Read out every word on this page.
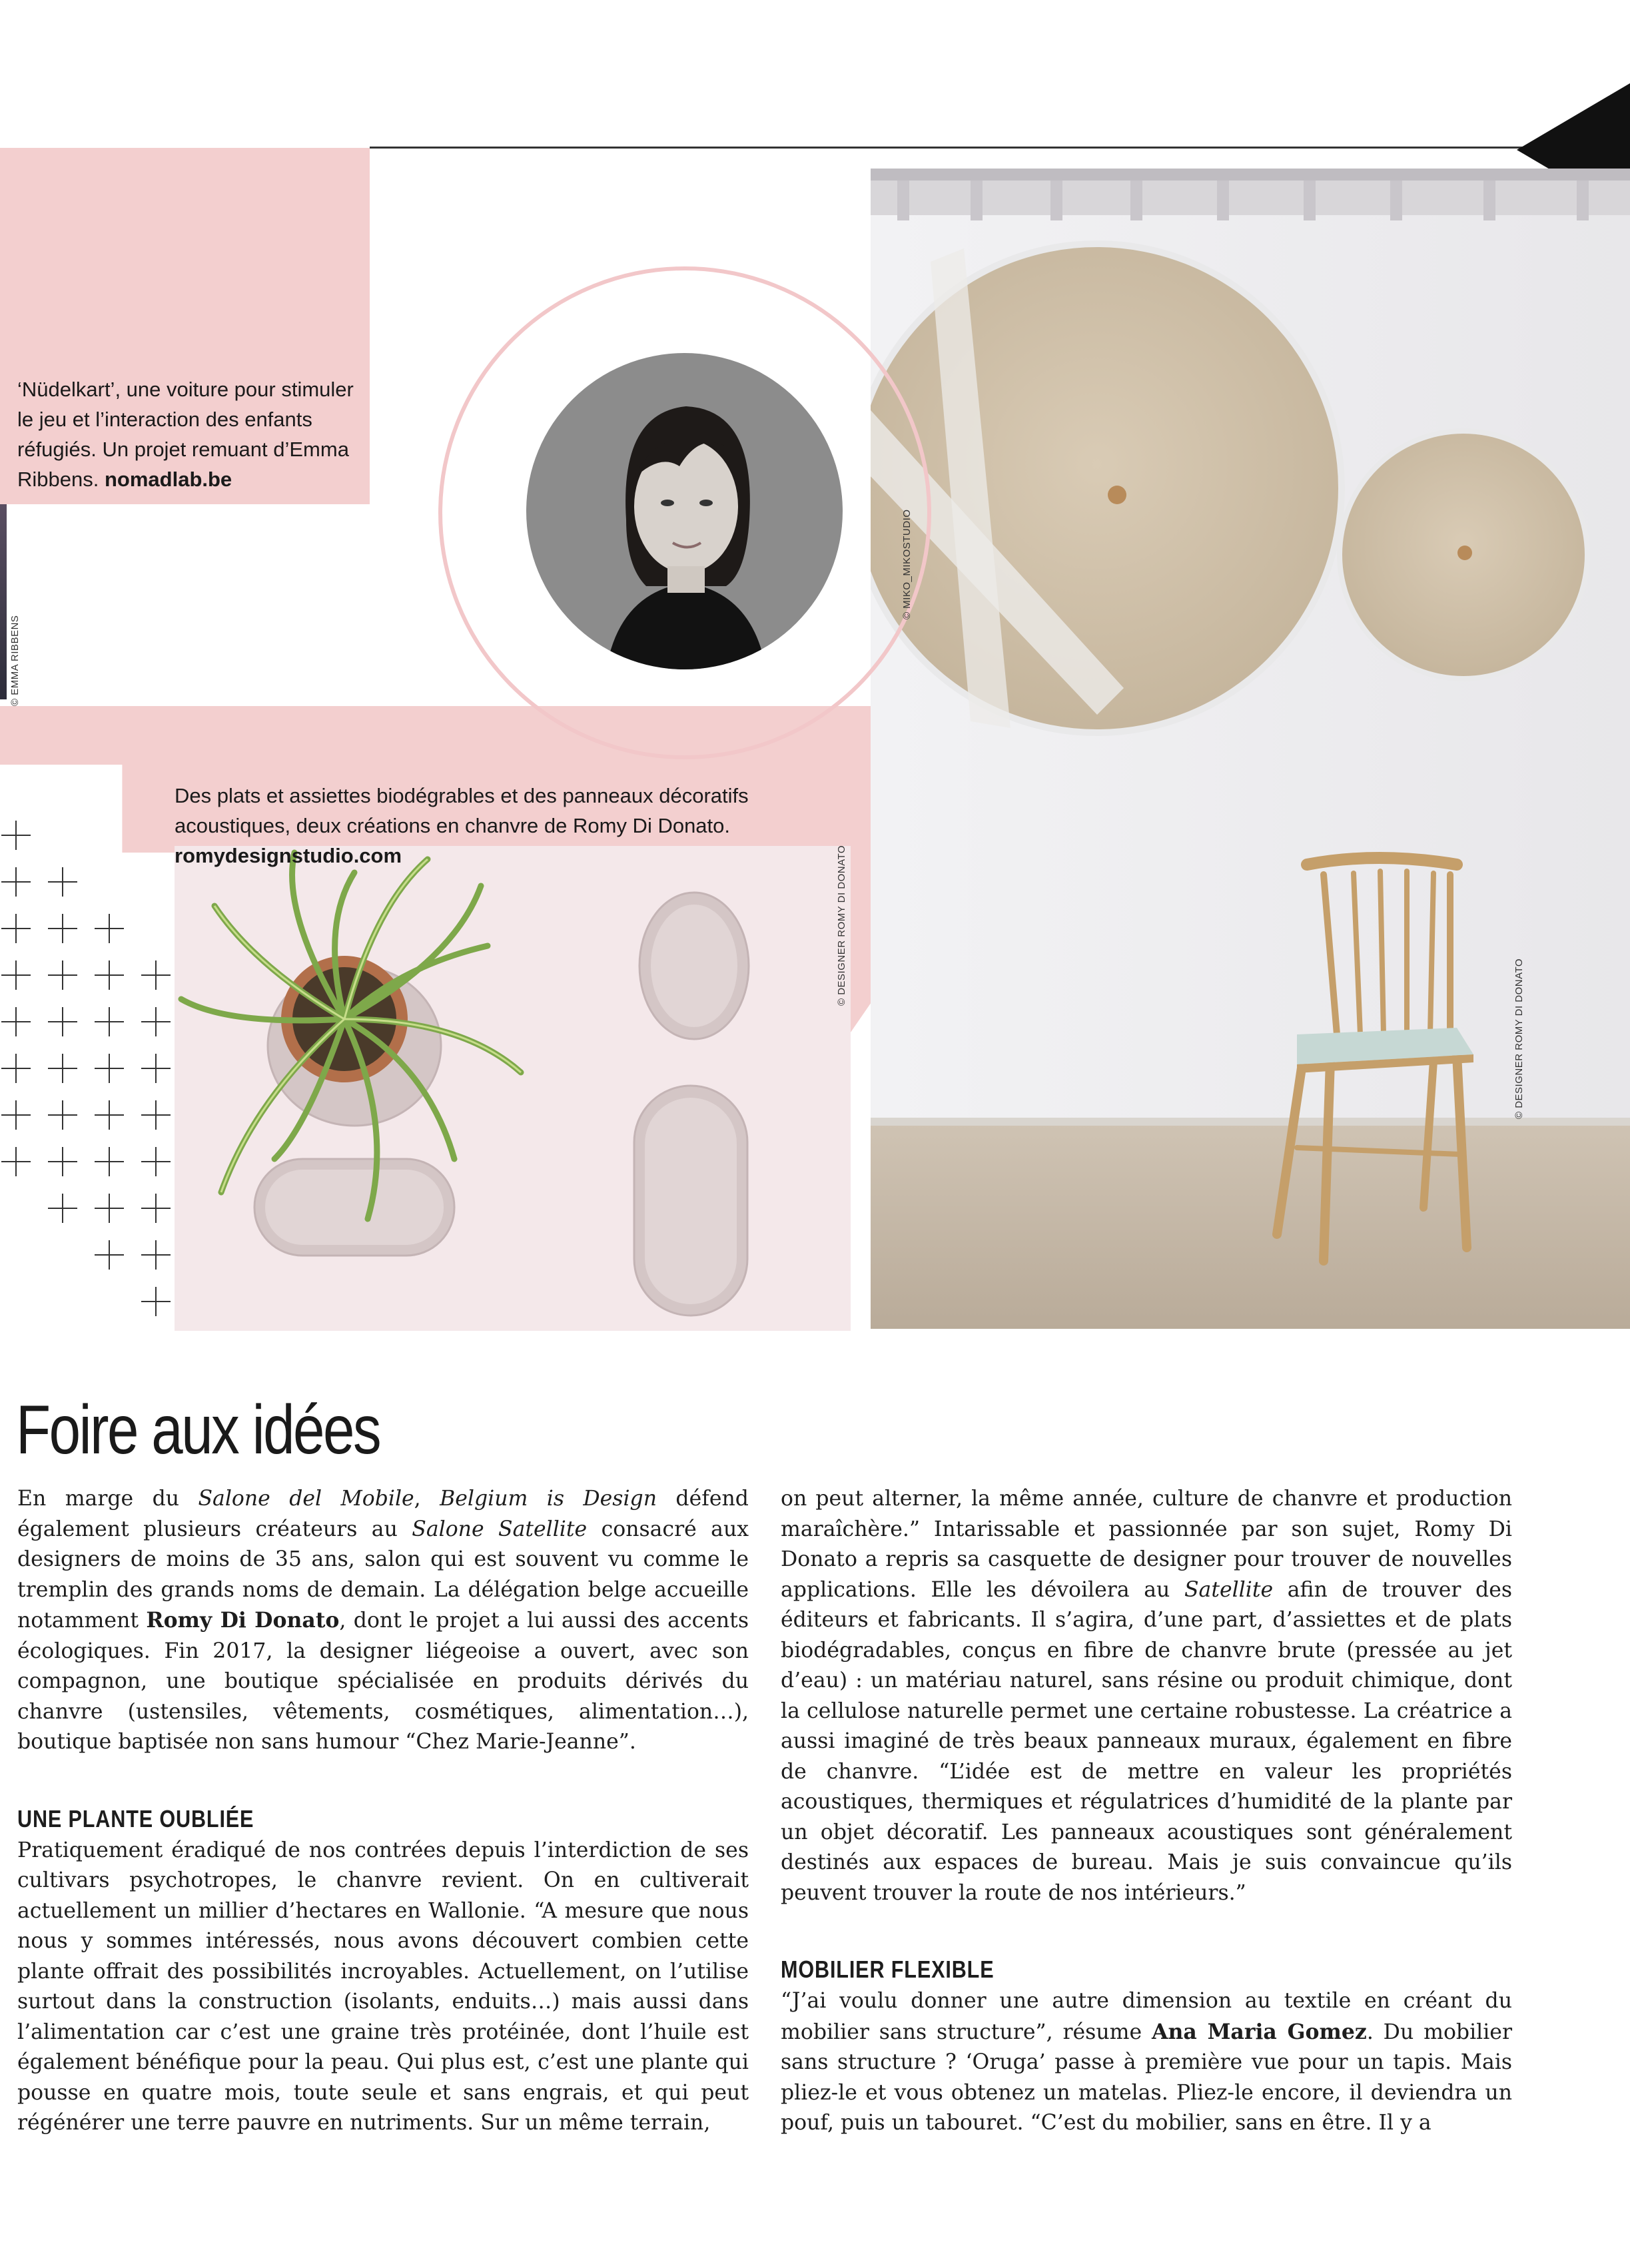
‘Nüdelkart’, une voiture pour stimuler le jeu et l’interaction des enfants réfugiés. Un projet remuant d’Emma Ribbens. nomadlab.be
Des plats et assiettes biodégrables et des panneaux décoratifs acoustiques, deux créations en chanvre de Romy Di Donato. romydesignstudio.com
© EMMA RIBBENS
© MIKO_MIKOSTUDIO
© DESIGNER ROMY DI DONATO
© DESIGNER ROMY DI DONATO
Foire aux idées

En marge du Salone del Mobile, Belgium is Design défend également plusieurs créateurs au Salone Satellite consacré aux designers de moins de 35 ans, salon qui est souvent vu comme le tremplin des grands noms de demain. La délégation belge accueille notamment Romy Di Donato, dont le projet a lui aussi des accents écologiques. Fin 2017, la designer liégeoise a ouvert, avec son compagnon, une boutique spécialisée en produits dérivés du chanvre (ustensiles, vêtements, cosmétiques, alimentation…), boutique baptisée non sans humour “Chez Marie-Jeanne”.

UNE PLANTE OUBLIÉE

Pratiquement éradiqué de nos contrées depuis l’interdiction de ses cultivars psychotropes, le chanvre revient. On en cultiverait actuellement un millier d’hectares en Wallonie. “A mesure que nous nous y sommes intéressés, nous avons découvert combien cette plante offrait des possibilités incroyables. Actuellement, on l’utilise surtout dans la construction (isolants, enduits…) mais aussi dans l’alimentation car c’est une graine très protéinée, dont l’huile est également bénéfique pour la peau. Qui plus est, c’est une plante qui pousse en quatre mois, toute seule et sans engrais, et qui peut régénérer une terre pauvre en nutriments. Sur un même terrain,

on peut alterner, la même année, culture de chanvre et production maraîchère.” Intarissable et passionnée par son sujet, Romy Di Donato a repris sa casquette de designer pour trouver de nouvelles applications. Elle les dévoilera au Satellite afin de trouver des éditeurs et fabricants. Il s’agira, d’une part, d’assiettes et de plats biodégradables, conçus en fibre de chanvre brute (pressée au jet d’eau) : un matériau naturel, sans résine ou produit chimique, dont la cellulose naturelle permet une certaine robustesse. La créatrice a aussi imaginé de très beaux panneaux muraux, également en fibre de chanvre. “L’idée est de mettre en valeur les propriétés acoustiques, thermiques et régulatrices d’humidité de la plante par un objet décoratif. Les panneaux acoustiques sont généralement destinés aux espaces de bureau. Mais je suis convaincue qu’ils peuvent trouver la route de nos intérieurs.”

MOBILIER FLEXIBLE

“J’ai voulu donner une autre dimension au textile en créant du mobilier sans structure”, résume Ana Maria Gomez. Du mobilier sans structure ? ‘Oruga’ passe à première vue pour un tapis. Mais pliez-le et vous obtenez un matelas. Pliez-le encore, il deviendra un pouf, puis un tabouret. “C’est du mobilier, sans en être. Il y a
